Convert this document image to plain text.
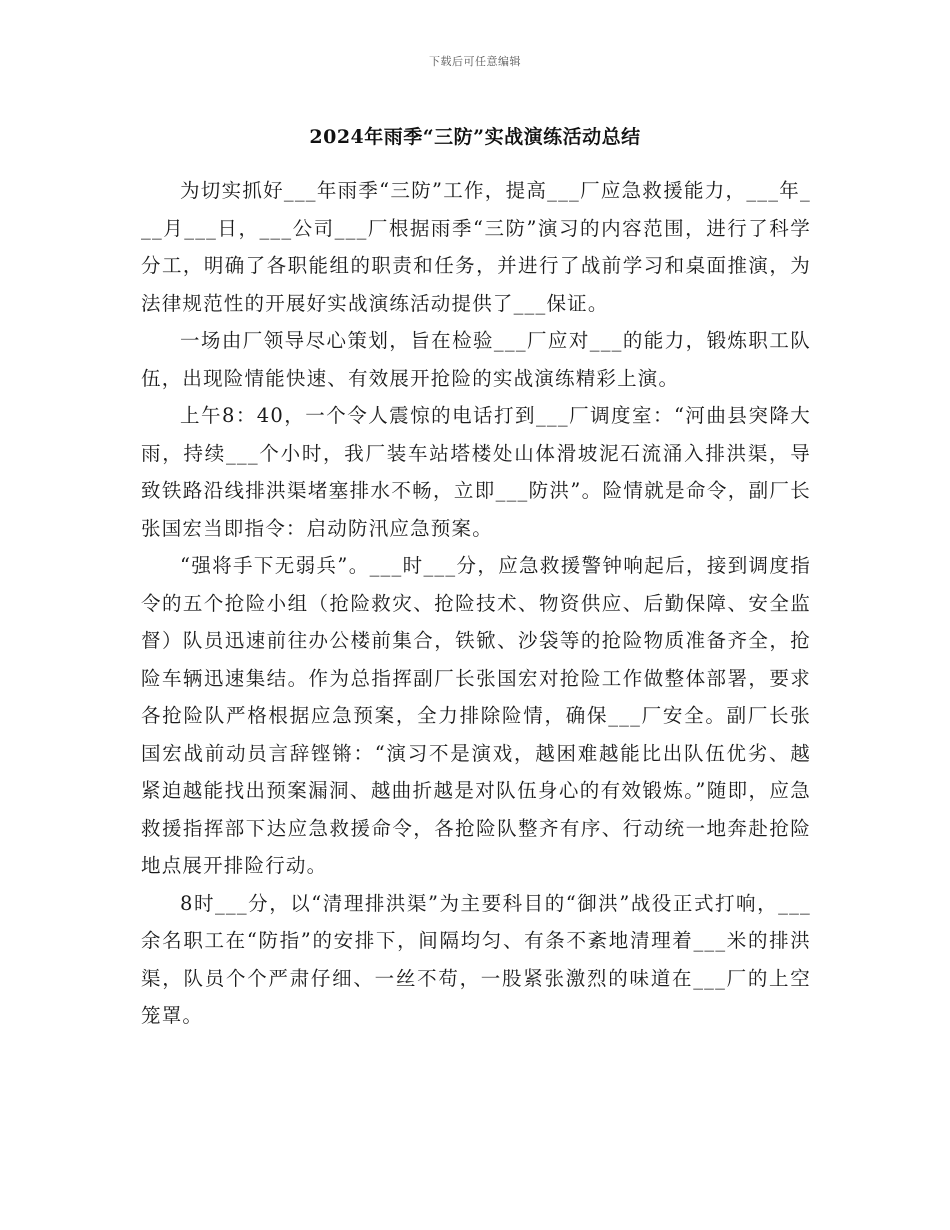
下载后可任意编辑
2024年雨季“三防”实战演练活动总结

为切实抓好___年雨季“三防”工作，提高___厂应急救援能力，___年___月___日，___公司___厂根据雨季“三防”演习的内容范围，进行了科学分工，明确了各职能组的职责和任务，并进行了战前学习和桌面推演，为法律规范性的开展好实战演练活动提供了___保证。

一场由厂领导尽心策划，旨在检验___厂应对___的能力，锻炼职工队伍，出现险情能快速、有效展开抢险的实战演练精彩上演。

上午8：40，一个令人震惊的电话打到___厂调度室：“河曲县突降大雨，持续___个小时，我厂装车站塔楼处山体滑坡泥石流涌入排洪渠，导致铁路沿线排洪渠堵塞排水不畅，立即___防洪”。险情就是命令，副厂长张国宏当即指令：启动防汛应急预案。

“强将手下无弱兵”。___时___分，应急救援警钟响起后，接到调度指令的五个抢险小组（抢险救灾、抢险技术、物资供应、后勤保障、安全监督）队员迅速前往办公楼前集合，铁锨、沙袋等的抢险物质准备齐全，抢险车辆迅速集结。作为总指挥副厂长张国宏对抢险工作做整体部署，要求各抢险队严格根据应急预案，全力排除险情，确保___厂安全。副厂长张国宏战前动员言辞铿锵：“演习不是演戏，越困难越能比出队伍优劣、越紧迫越能找出预案漏洞、越曲折越是对队伍身心的有效锻炼。”随即，应急救援指挥部下达应急救援命令，各抢险队整齐有序、行动统一地奔赴抢险地点展开排险行动。

8时___分，以“清理排洪渠”为主要科目的“御洪”战役正式打响，___余名职工在“防指”的安排下，间隔均匀、有条不紊地清理着___米的排洪渠，队员个个严肃仔细、一丝不苟，一股紧张激烈的味道在___厂的上空笼罩。
